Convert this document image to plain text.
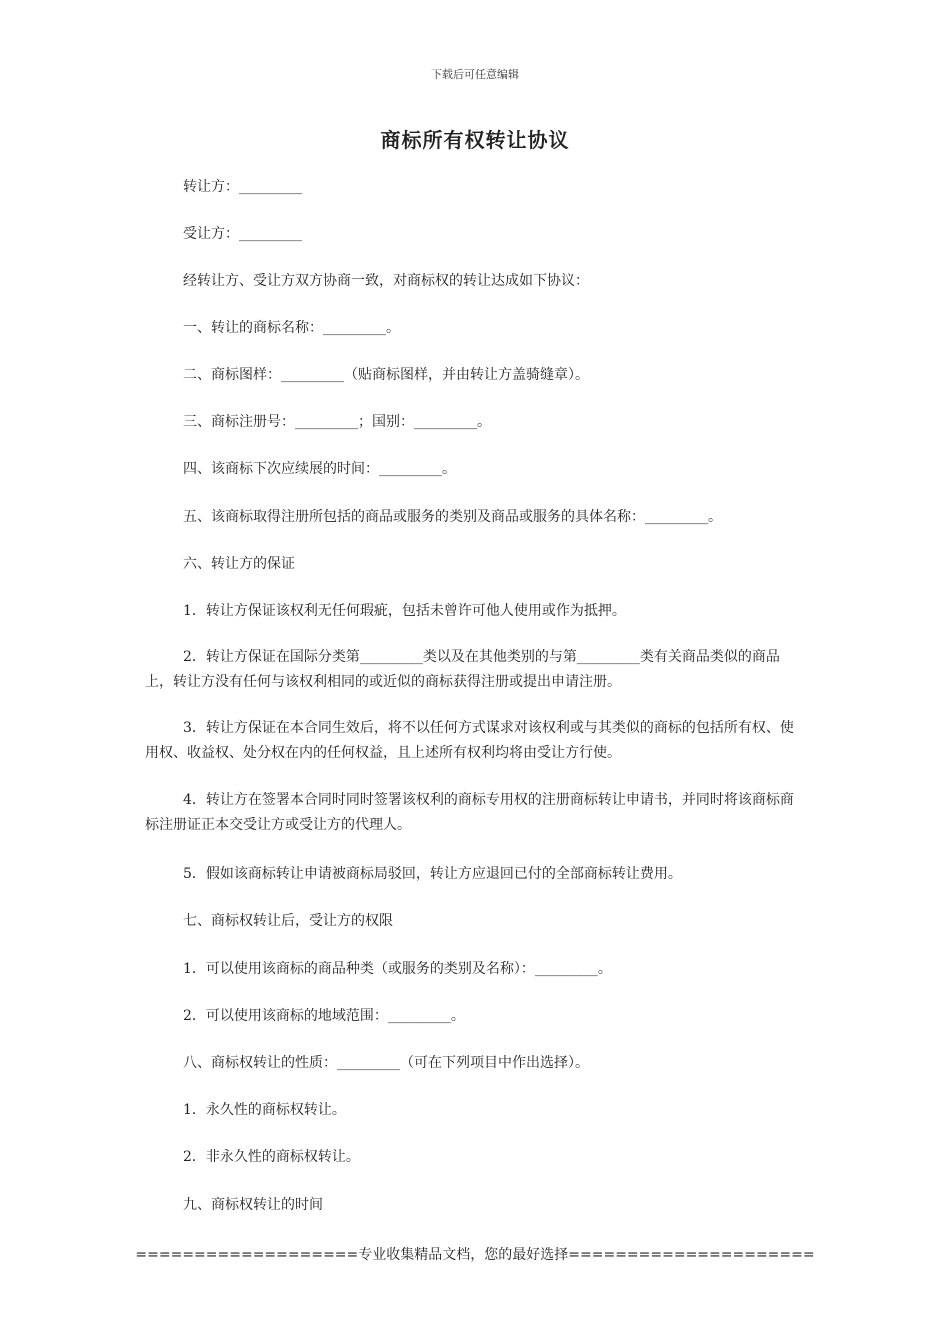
下载后可任意编辑
商标所有权转让协议
转让方：_________
受让方：_________
经转让方、受让方双方协商一致，对商标权的转让达成如下协议：
一、转让的商标名称：_________。
二、商标图样：_________（贴商标图样，并由转让方盖骑缝章）。
三、商标注册号：_________；国别：_________。
四、该商标下次应续展的时间：_________。
五、该商标取得注册所包括的商品或服务的类别及商品或服务的具体名称：_________。
六、转让方的保证
1．转让方保证该权利无任何瑕疵，包括未曾许可他人使用或作为抵押。
2．转让方保证在国际分类第_________类以及在其他类别的与第_________类有关商品类似的商品上，转让方没有任何与该权利相同的或近似的商标获得注册或提出申请注册。
3．转让方保证在本合同生效后，将不以任何方式谋求对该权利或与其类似的商标的包括所有权、使用权、收益权、处分权在内的任何权益，且上述所有权利均将由受让方行使。
4．转让方在签署本合同时同时签署该权利的商标专用权的注册商标转让申请书，并同时将该商标商标注册证正本交受让方或受让方的代理人。
5．假如该商标转让申请被商标局驳回，转让方应退回已付的全部商标转让费用。
七、商标权转让后，受让方的权限
1．可以使用该商标的商品种类（或服务的类别及名称）：_________。
2．可以使用该商标的地域范围：_________。
八、商标权转让的性质：_________（可在下列项目中作出选择）。
1．永久性的商标权转让。
2．非永久性的商标权转让。
九、商标权转让的时间
===================专业收集精品文档，您的最好选择=====================
